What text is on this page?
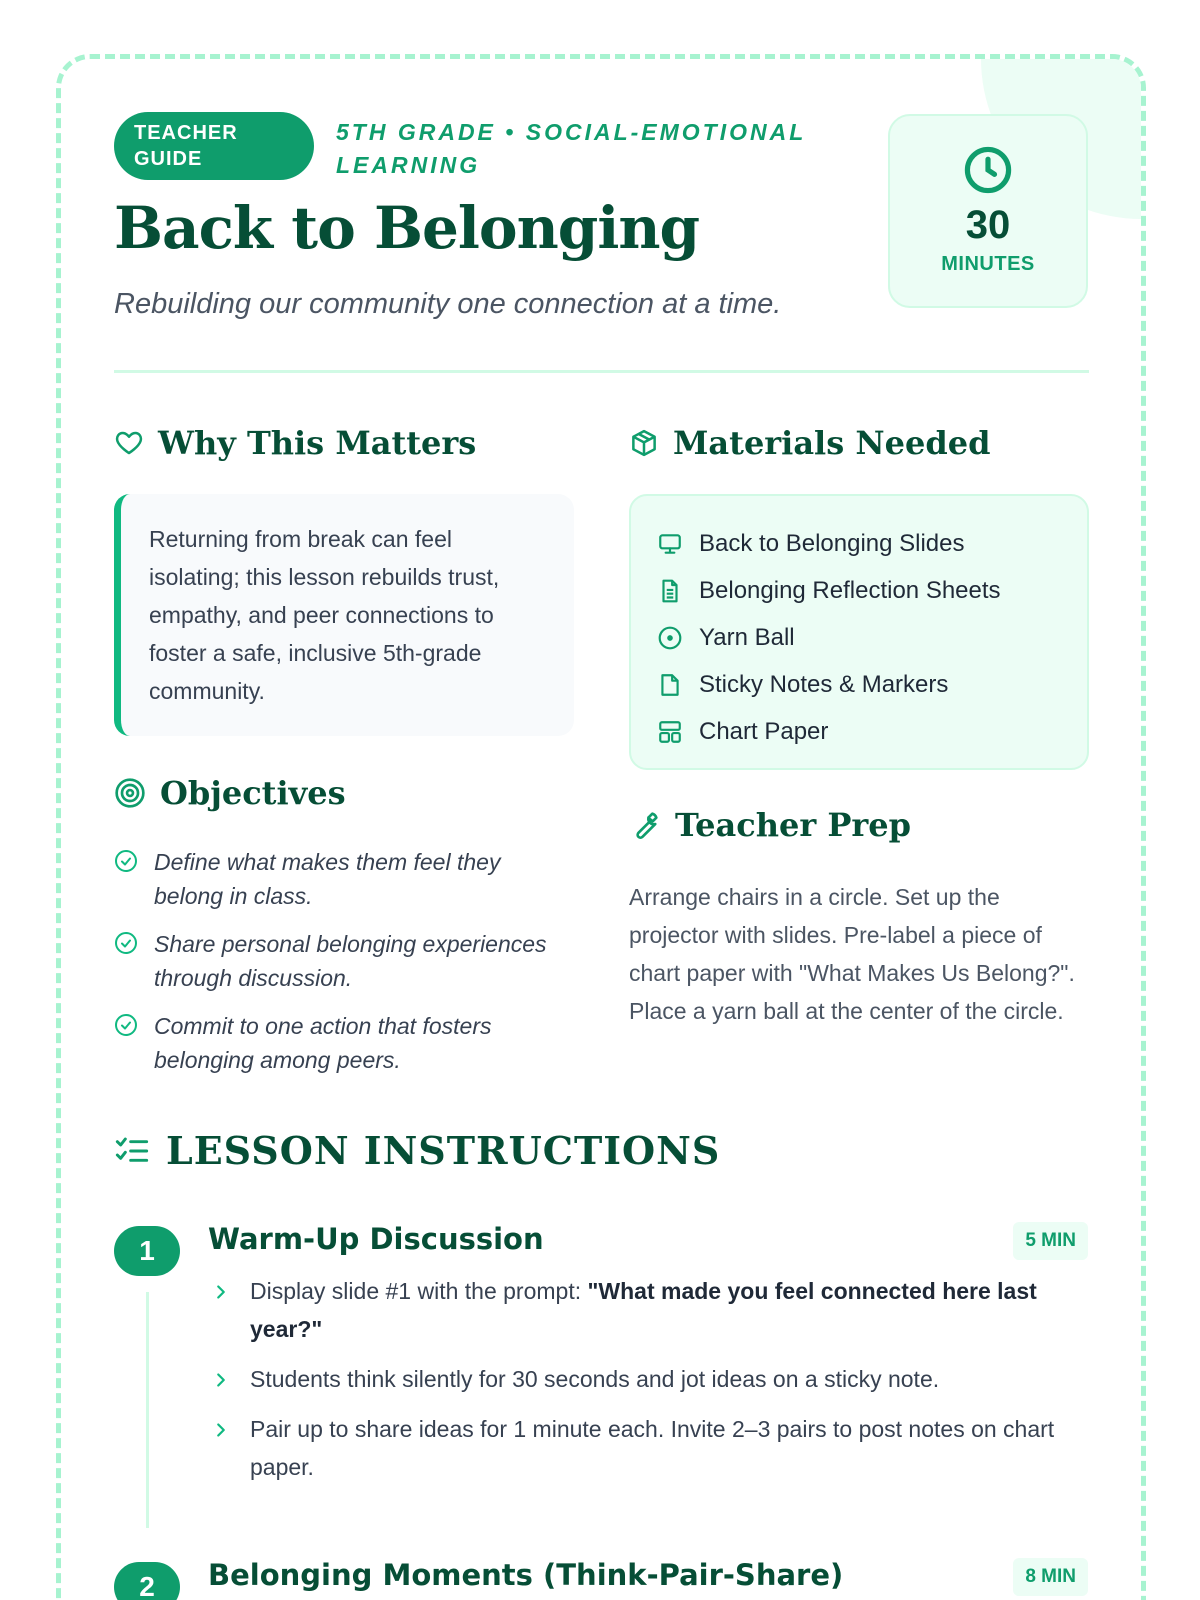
TEACHER GUIDE
5TH GRADE • SOCIAL-EMOTIONAL LEARNING
Back to Belonging
Rebuilding our community one connection at a time.
30
MINUTES
Why This Matters
Returning from break can feel isolating; this lesson rebuilds trust, empathy, and peer connections to foster a safe, inclusive 5th-grade community.
Materials Needed
Back to Belonging Slides
Belonging Reflection Sheets
Yarn Ball
Sticky Notes & Markers
Chart Paper
Objectives
Define what makes them feel they belong in class.
Share personal belonging experiences through discussion.
Commit to one action that fosters belonging among peers.
Teacher Prep
Arrange chairs in a circle. Set up the projector with slides. Pre-label a piece of chart paper with "What Makes Us Belong?". Place a yarn ball at the center of the circle.
LESSON INSTRUCTIONS
1	Warm-Up Discussion	5 MIN
Display slide #1 with the prompt: "What made you feel connected here last year?"
Students think silently for 30 seconds and jot ideas on a sticky note.
Pair up to share ideas for 1 minute each. Invite 2–3 pairs to post notes on chart paper.
2	Belonging Moments (Think-Pair-Share)	8 MIN
